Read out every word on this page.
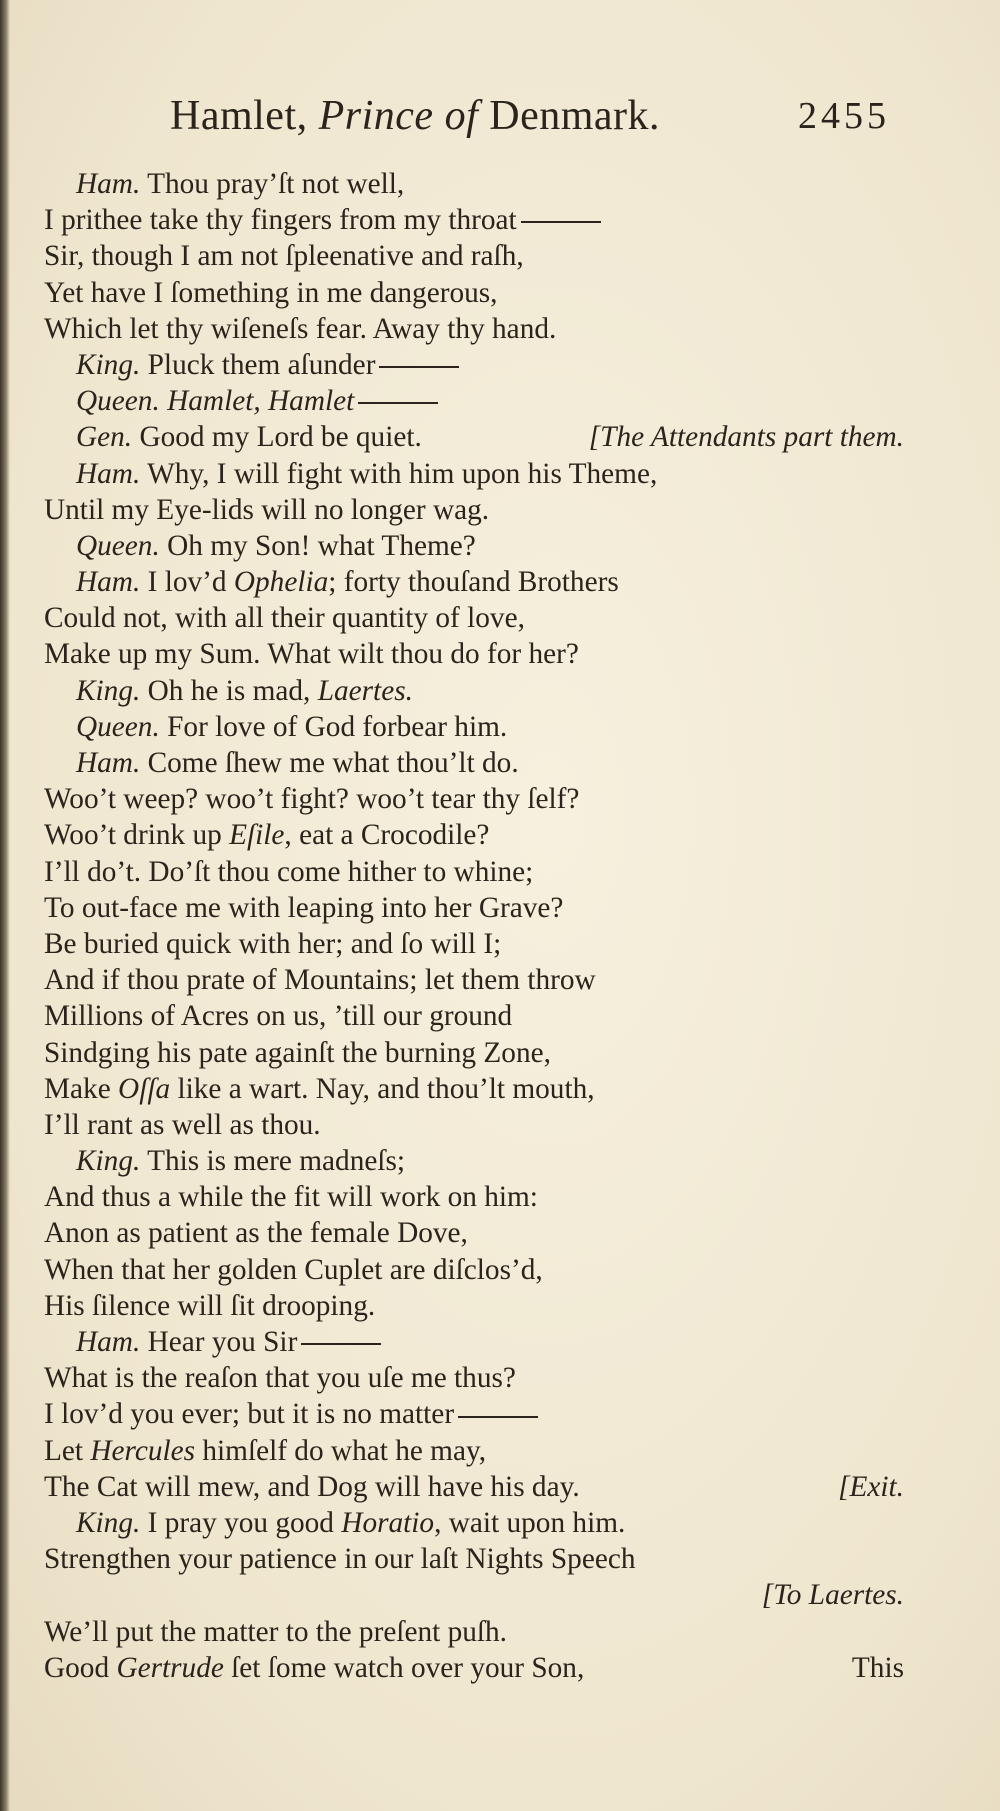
Hamlet, Prince of Denmark.	2455
Ham. Thou pray’ſt not well,
I prithee take thy fingers from my throat
Sir, though I am not ſpleenative and raſh,
Yet have I ſomething in me dangerous,
Which let thy wiſeneſs fear. Away thy hand.
King. Pluck them aſunder
Queen. Hamlet, Hamlet
Gen. Good my Lord be quiet.	[The Attendants part them.
Ham. Why, I will fight with him upon his Theme,
Until my Eye-lids will no longer wag.
Queen. Oh my Son! what Theme?
Ham. I lov’d Ophelia; forty thouſand Brothers
Could not, with all their quantity of love,
Make up my Sum. What wilt thou do for her?
King. Oh he is mad, Laertes.
Queen. For love of God forbear him.
Ham. Come ſhew me what thou’lt do.
Woo’t weep? woo’t fight? woo’t tear thy ſelf?
Woo’t drink up Eſile, eat a Crocodile?
I’ll do’t. Do’ſt thou come hither to whine;
To out-face me with leaping into her Grave?
Be buried quick with her; and ſo will I;
And if thou prate of Mountains; let them throw
Millions of Acres on us, ’till our ground
Sindging his pate againſt the burning Zone,
Make Oſſa like a wart. Nay, and thou’lt mouth,
I’ll rant as well as thou.
King. This is mere madneſs;
And thus a while the fit will work on him:
Anon as patient as the female Dove,
When that her golden Cuplet are diſclos’d,
His ſilence will ſit drooping.
Ham. Hear you Sir
What is the reaſon that you uſe me thus?
I lov’d you ever; but it is no matter
Let Hercules himſelf do what he may,
The Cat will mew, and Dog will have his day.	[Exit.
King. I pray you good Horatio, wait upon him.
Strengthen your patience in our laſt Nights Speech
[To Laertes.
We’ll put the matter to the preſent puſh.
Good Gertrude ſet ſome watch over your Son,	This
